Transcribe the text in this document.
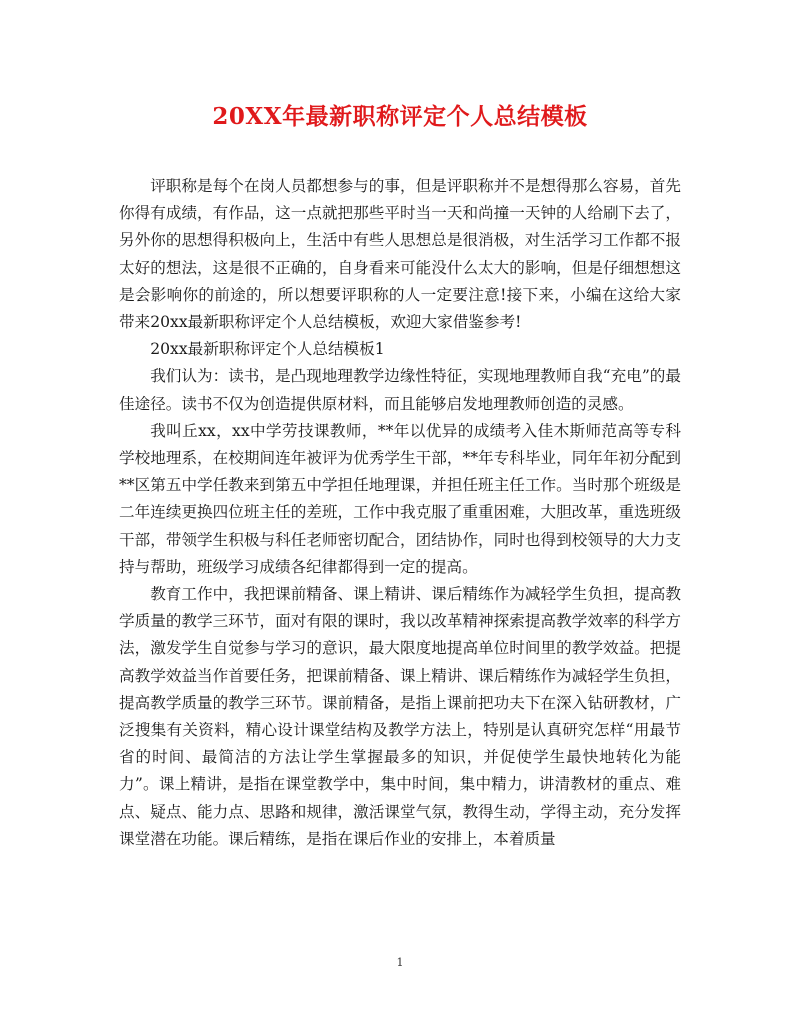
20XX年最新职称评定个人总结模板

评职称是每个在岗人员都想参与的事，但是评职称并不是想得那么容易，首先你得有成绩，有作品，这一点就把那些平时当一天和尚撞一天钟的人给刷下去了，另外你的思想得积极向上，生活中有些人思想总是很消极，对生活学习工作都不报太好的想法，这是很不正确的，自身看来可能没什么太大的影响，但是仔细想想这是会影响你的前途的，所以想要评职称的人一定要注意!接下来，小编在这给大家带来20xx最新职称评定个人总结模板，欢迎大家借鉴参考!

20xx最新职称评定个人总结模板1

我们认为：读书，是凸现地理教学边缘性特征，实现地理教师自我“充电”的最佳途径。读书不仅为创造提供原材料，而且能够启发地理教师创造的灵感。

我叫丘xx，xx中学劳技课教师，**年以优异的成绩考入佳木斯师范高等专科学校地理系，在校期间连年被评为优秀学生干部，**年专科毕业，同年年初分配到**区第五中学任教来到第五中学担任地理课，并担任班主任工作。当时那个班级是二年连续更换四位班主任的差班，工作中我克服了重重困难，大胆改革，重选班级干部，带领学生积极与科任老师密切配合，团结协作，同时也得到校领导的大力支持与帮助，班级学习成绩各纪律都得到一定的提高。

教育工作中，我把课前精备、课上精讲、课后精练作为减轻学生负担，提高教学质量的教学三环节，面对有限的课时，我以改革精神探索提高教学效率的科学方法，激发学生自觉参与学习的意识，最大限度地提高单位时间里的教学效益。把提高教学效益当作首要任务，把课前精备、课上精讲、课后精练作为减轻学生负担，提高教学质量的教学三环节。课前精备，是指上课前把功夫下在深入钻研教材，广泛搜集有关资料，精心设计课堂结构及教学方法上，特别是认真研究怎样“用最节省的时间、最简洁的方法让学生掌握最多的知识，并促使学生最快地转化为能力”。课上精讲，是指在课堂教学中，集中时间，集中精力，讲清教材的重点、难点、疑点、能力点、思路和规律，激活课堂气氛，教得生动，学得主动，充分发挥课堂潜在功能。课后精练，是指在课后作业的安排上，本着质量

1
